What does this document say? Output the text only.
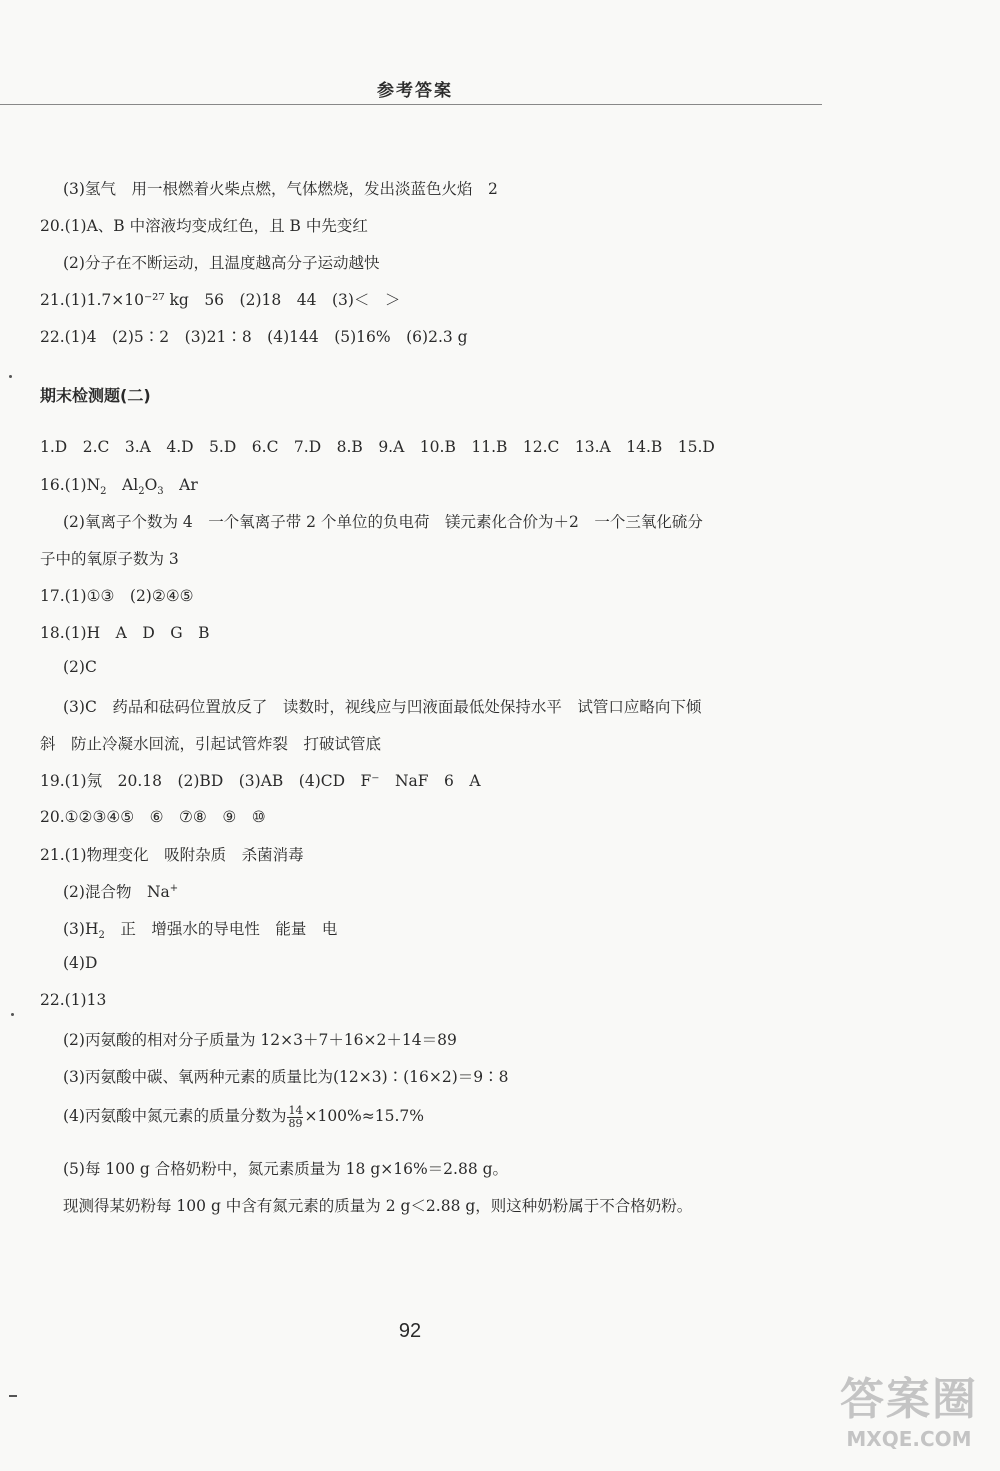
参考答案
(3)氢气　用一根燃着火柴点燃，气体燃烧，发出淡蓝色火焰　2
20.(1)A、B 中溶液均变成红色，且 B 中先变红
(2)分子在不断运动，且温度越高分子运动越快
21.(1)1.7×10⁻²⁷ kg　56　(2)18　44　(3)＜　＞
22.(1)4　(2)5∶2　(3)21∶8　(4)144　(5)16%　(6)2.3 g
期末检测题(二)
1.D　2.C　3.A　4.D　5.D　6.C　7.D　8.B　9.A　10.B　11.B　12.C　13.A　14.B　15.D
$16.(1)N_2$　$Al_2O_3$　Ar
(2)氧离子个数为 4　一个氧离子带 2 个单位的负电荷　镁元素化合价为＋2　一个三氧化硫分
子中的氧原子数为 3
17.(1)①③　(2)②④⑤
18.(1)H　A　D　G　B
(2)C
(3)C　药品和砝码位置放反了　读数时，视线应与凹液面最低处保持水平　试管口应略向下倾
斜　防止冷凝水回流，引起试管炸裂　打破试管底
19.(1)氖　20.18　(2)BD　(3)AB　(4)CD　F⁻　NaF　6　A
20.①②③④⑤　⑥　⑦⑧　⑨　⑩
21.(1)物理变化　吸附杂质　杀菌消毒
(2)混合物　Na+
$(3)H_2$　正　增强水的导电性　能量　电
(4)D
22.(1)13
(2)丙氨酸的相对分子质量为 12×3＋7＋16×2＋14＝89
(3)丙氨酸中碳、氧两种元素的质量比为(12×3)∶(16×2)＝9∶8
(4)丙氨酸中氮元素的质量分数为 $\frac{14}{89} \times 100\%\approx 15.7\%$
(5)每 100 g 合格奶粉中，氮元素质量为 18 g×16%＝2.88 g。
现测得某奶粉每 100 g 中含有氮元素的质量为 2 g＜2.88 g，则这种奶粉属于不合格奶粉。
92
答案圈
MXQE.COM
